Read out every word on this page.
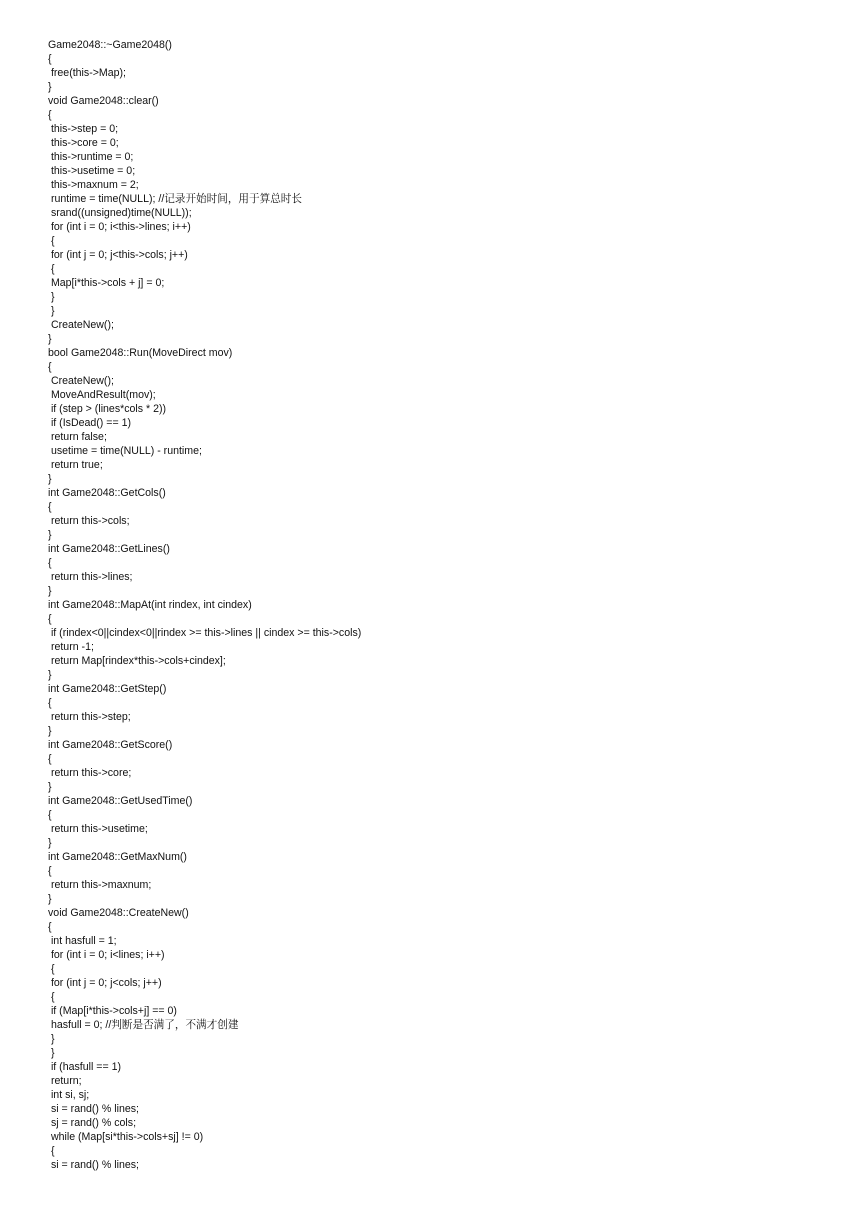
Game2048::~Game2048()
{
free(this->Map);
}
void Game2048::clear()
{
this->step = 0;
this->core = 0;
this->runtime = 0;
this->usetime = 0;
this->maxnum = 2;
runtime = time(NULL); //记录开始时间，用于算总时长
srand((unsigned)time(NULL));
for (int i = 0; i<this->lines; i++)
{
for (int j = 0; j<this->cols; j++)
{
Map[i*this->cols + j] = 0;
}
}
CreateNew();
}
bool Game2048::Run(MoveDirect mov)
{
CreateNew();
MoveAndResult(mov);
if (step > (lines*cols * 2))
if (IsDead() == 1)
return false;
usetime = time(NULL) - runtime;
return true;
}
int Game2048::GetCols()
{
return this->cols;
}
int Game2048::GetLines()
{
return this->lines;
}
int Game2048::MapAt(int rindex, int cindex)
{
if (rindex<0||cindex<0||rindex >= this->lines || cindex >= this->cols)
return -1;
return Map[rindex*this->cols+cindex];
}
int Game2048::GetStep()
{
return this->step;
}
int Game2048::GetScore()
{
return this->core;
}
int Game2048::GetUsedTime()
{
return this->usetime;
}
int Game2048::GetMaxNum()
{
return this->maxnum;
}
void Game2048::CreateNew()
{
int hasfull = 1;
for (int i = 0; i<lines; i++)
{
for (int j = 0; j<cols; j++)
{
if (Map[i*this->cols+j] == 0)
hasfull = 0; //判断是否满了，不满才创建
}
}
if (hasfull == 1)
return;
int si, sj;
si = rand() % lines;
sj = rand() % cols;
while (Map[si*this->cols+sj] != 0)
{
si = rand() % lines;
